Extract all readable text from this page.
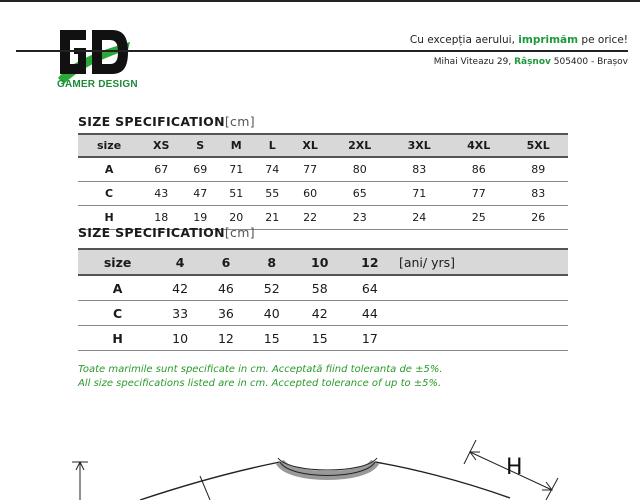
GAMER DESIGN
Cu excepția aerului, imprimăm pe orice!
Mihai Viteazu 29, Râșnov 505400 - Brașov
SIZE SPECIFICATION[cm]
size	XS	S	M	L	XL	2XL	3XL	4XL	5XL
A	67	69	71	74	77	80	83	86	89
C	43	47	51	55	60	65	71	77	83
H	18	19	20	21	22	23	24	25	26
SIZE SPECIFICATION[cm]
size	4	6	8	10	12	[ani/ yrs]
A	42	46	52	58	64	
C	33	36	40	42	44	
H	10	12	15	15	17	
Toate marimile sunt specificate in cm. Acceptată fiind toleranta de ±5%.
All size specifications listed are in cm. Accepted tolerance of up to ±5%.
H
